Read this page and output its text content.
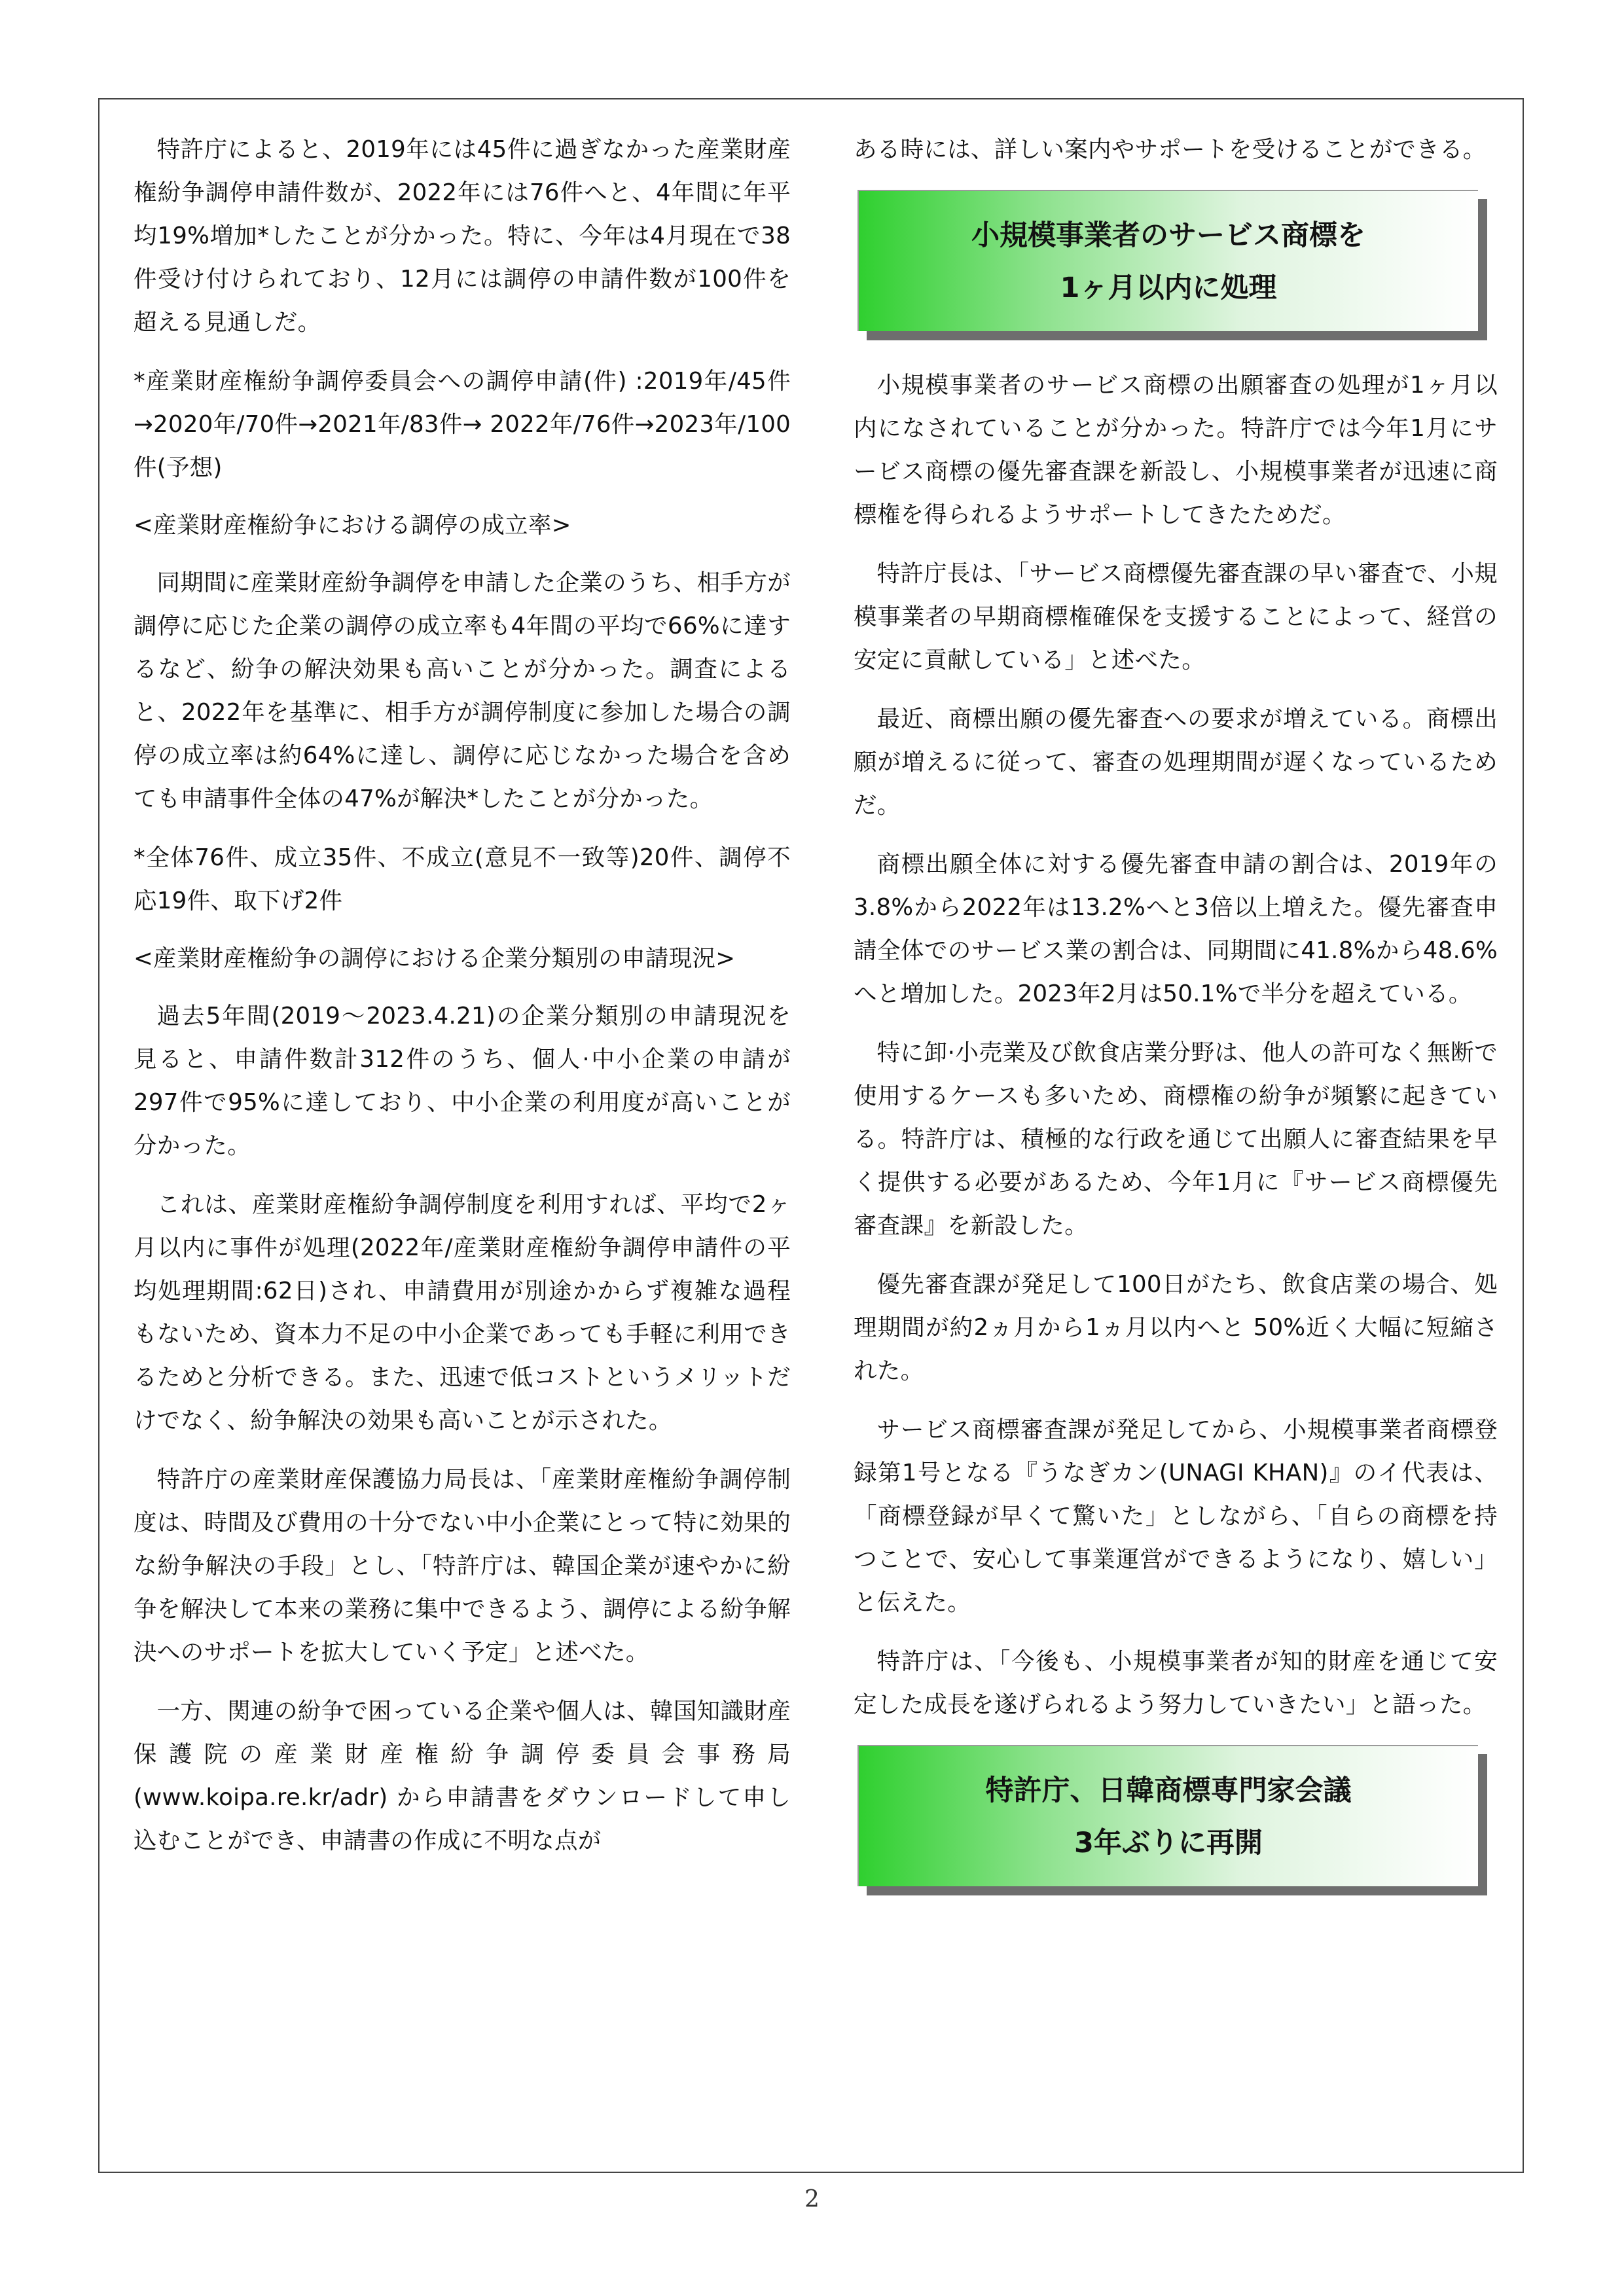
特許庁によると、2019年には45件に過ぎなかった産業財産権紛争調停申請件数が、2022年には76件へと、4年間に年平均19%増加*したことが分かった。特に、今年は4月現在で38件受け付けられており、12月には調停の申請件数が100件を超える見通しだ。

*産業財産権紛争調停委員会への調停申請(件) :2019年/45件 →2020年/70件→2021年/83件→ 2022年/76件→2023年/100件(予想)

<産業財産権紛争における調停の成立率>

同期間に産業財産紛争調停を申請した企業のうち、相手方が調停に応じた企業の調停の成立率も4年間の平均で66%に達するなど、紛争の解決効果も高いことが分かった。調査によると、2022年を基準に、相手方が調停制度に参加した場合の調停の成立率は約64%に達し、調停に応じなかった場合を含めても申請事件全体の47%が解決*したことが分かった。

*全体76件、成立35件、不成立(意見不一致等)20件、調停不応19件、取下げ2件

<産業財産権紛争の調停における企業分類別の申請現況>

過去5年間(2019～2023.4.21)の企業分類別の申請現況を見ると、申請件数計312件のうち、個人·中小企業の申請が297件で95%に達しており、中小企業の利用度が高いことが分かった。

これは、産業財産権紛争調停制度を利用すれば、平均で2ヶ月以内に事件が処理(2022年/産業財産権紛争調停申請件の平均処理期間:62日)され、申請費用が別途かからず複雑な過程もないため、資本力不足の中小企業であっても手軽に利用できるためと分析できる。また、迅速で低コストというメリットだけでなく、紛争解決の効果も高いことが示された。

特許庁の産業財産保護協力局長は、「産業財産権紛争調停制度は、時間及び費用の十分でない中小企業にとって特に効果的な紛争解決の手段」とし、「特許庁は、韓国企業が速やかに紛争を解決して本来の業務に集中できるよう、調停による紛争解決へのサポートを拡大していく予定」と述べた。

一方、関連の紛争で困っている企業や個人は、韓国知識財産保護院の産業財産権紛争調停委員会事務局(www.koipa.re.kr/adr) から申請書をダウンロードして申し込むことができ、申請書の作成に不明な点が

ある時には、詳しい案内やサポートを受けることができる。

小規模事業者のサービス商標を
1ヶ月以内に処理

小規模事業者のサービス商標の出願審査の処理が1ヶ月以内になされていることが分かった。特許庁では今年1月にサービス商標の優先審査課を新設し、小規模事業者が迅速に商標権を得られるようサポートしてきたためだ。

特許庁長は、「サービス商標優先審査課の早い審査で、小規模事業者の早期商標権確保を支援することによって、経営の安定に貢献している」と述べた。

最近、商標出願の優先審査への要求が増えている。商標出願が増えるに従って、審査の処理期間が遅くなっているためだ。

商標出願全体に対する優先審査申請の割合は、2019年の3.8%から2022年は13.2%へと3倍以上増えた。優先審査申請全体でのサービス業の割合は、同期間に41.8%から48.6%へと増加した。2023年2月は50.1%で半分を超えている。

特に卸·小売業及び飲食店業分野は、他人の許可なく無断で使用するケースも多いため、商標権の紛争が頻繁に起きている。特許庁は、積極的な行政を通じて出願人に審査結果を早く提供する必要があるため、今年1月に『サービス商標優先審査課』を新設した。

優先審査課が発足して100日がたち、飲食店業の場合、処理期間が約2ヵ月から1ヵ月以内へと 50%近く大幅に短縮された。

サービス商標審査課が発足してから、小規模事業者商標登録第1号となる『うなぎカン(UNAGI KHAN)』のイ代表は、「商標登録が早くて驚いた」としながら、「自らの商標を持つことで、安心して事業運営ができるようになり、嬉しい」と伝えた。

特許庁は、「今後も、小規模事業者が知的財産を通じて安定した成長を遂げられるよう努力していきたい」と語った。

特許庁、日韓商標専門家会議
3年ぶりに再開
2
